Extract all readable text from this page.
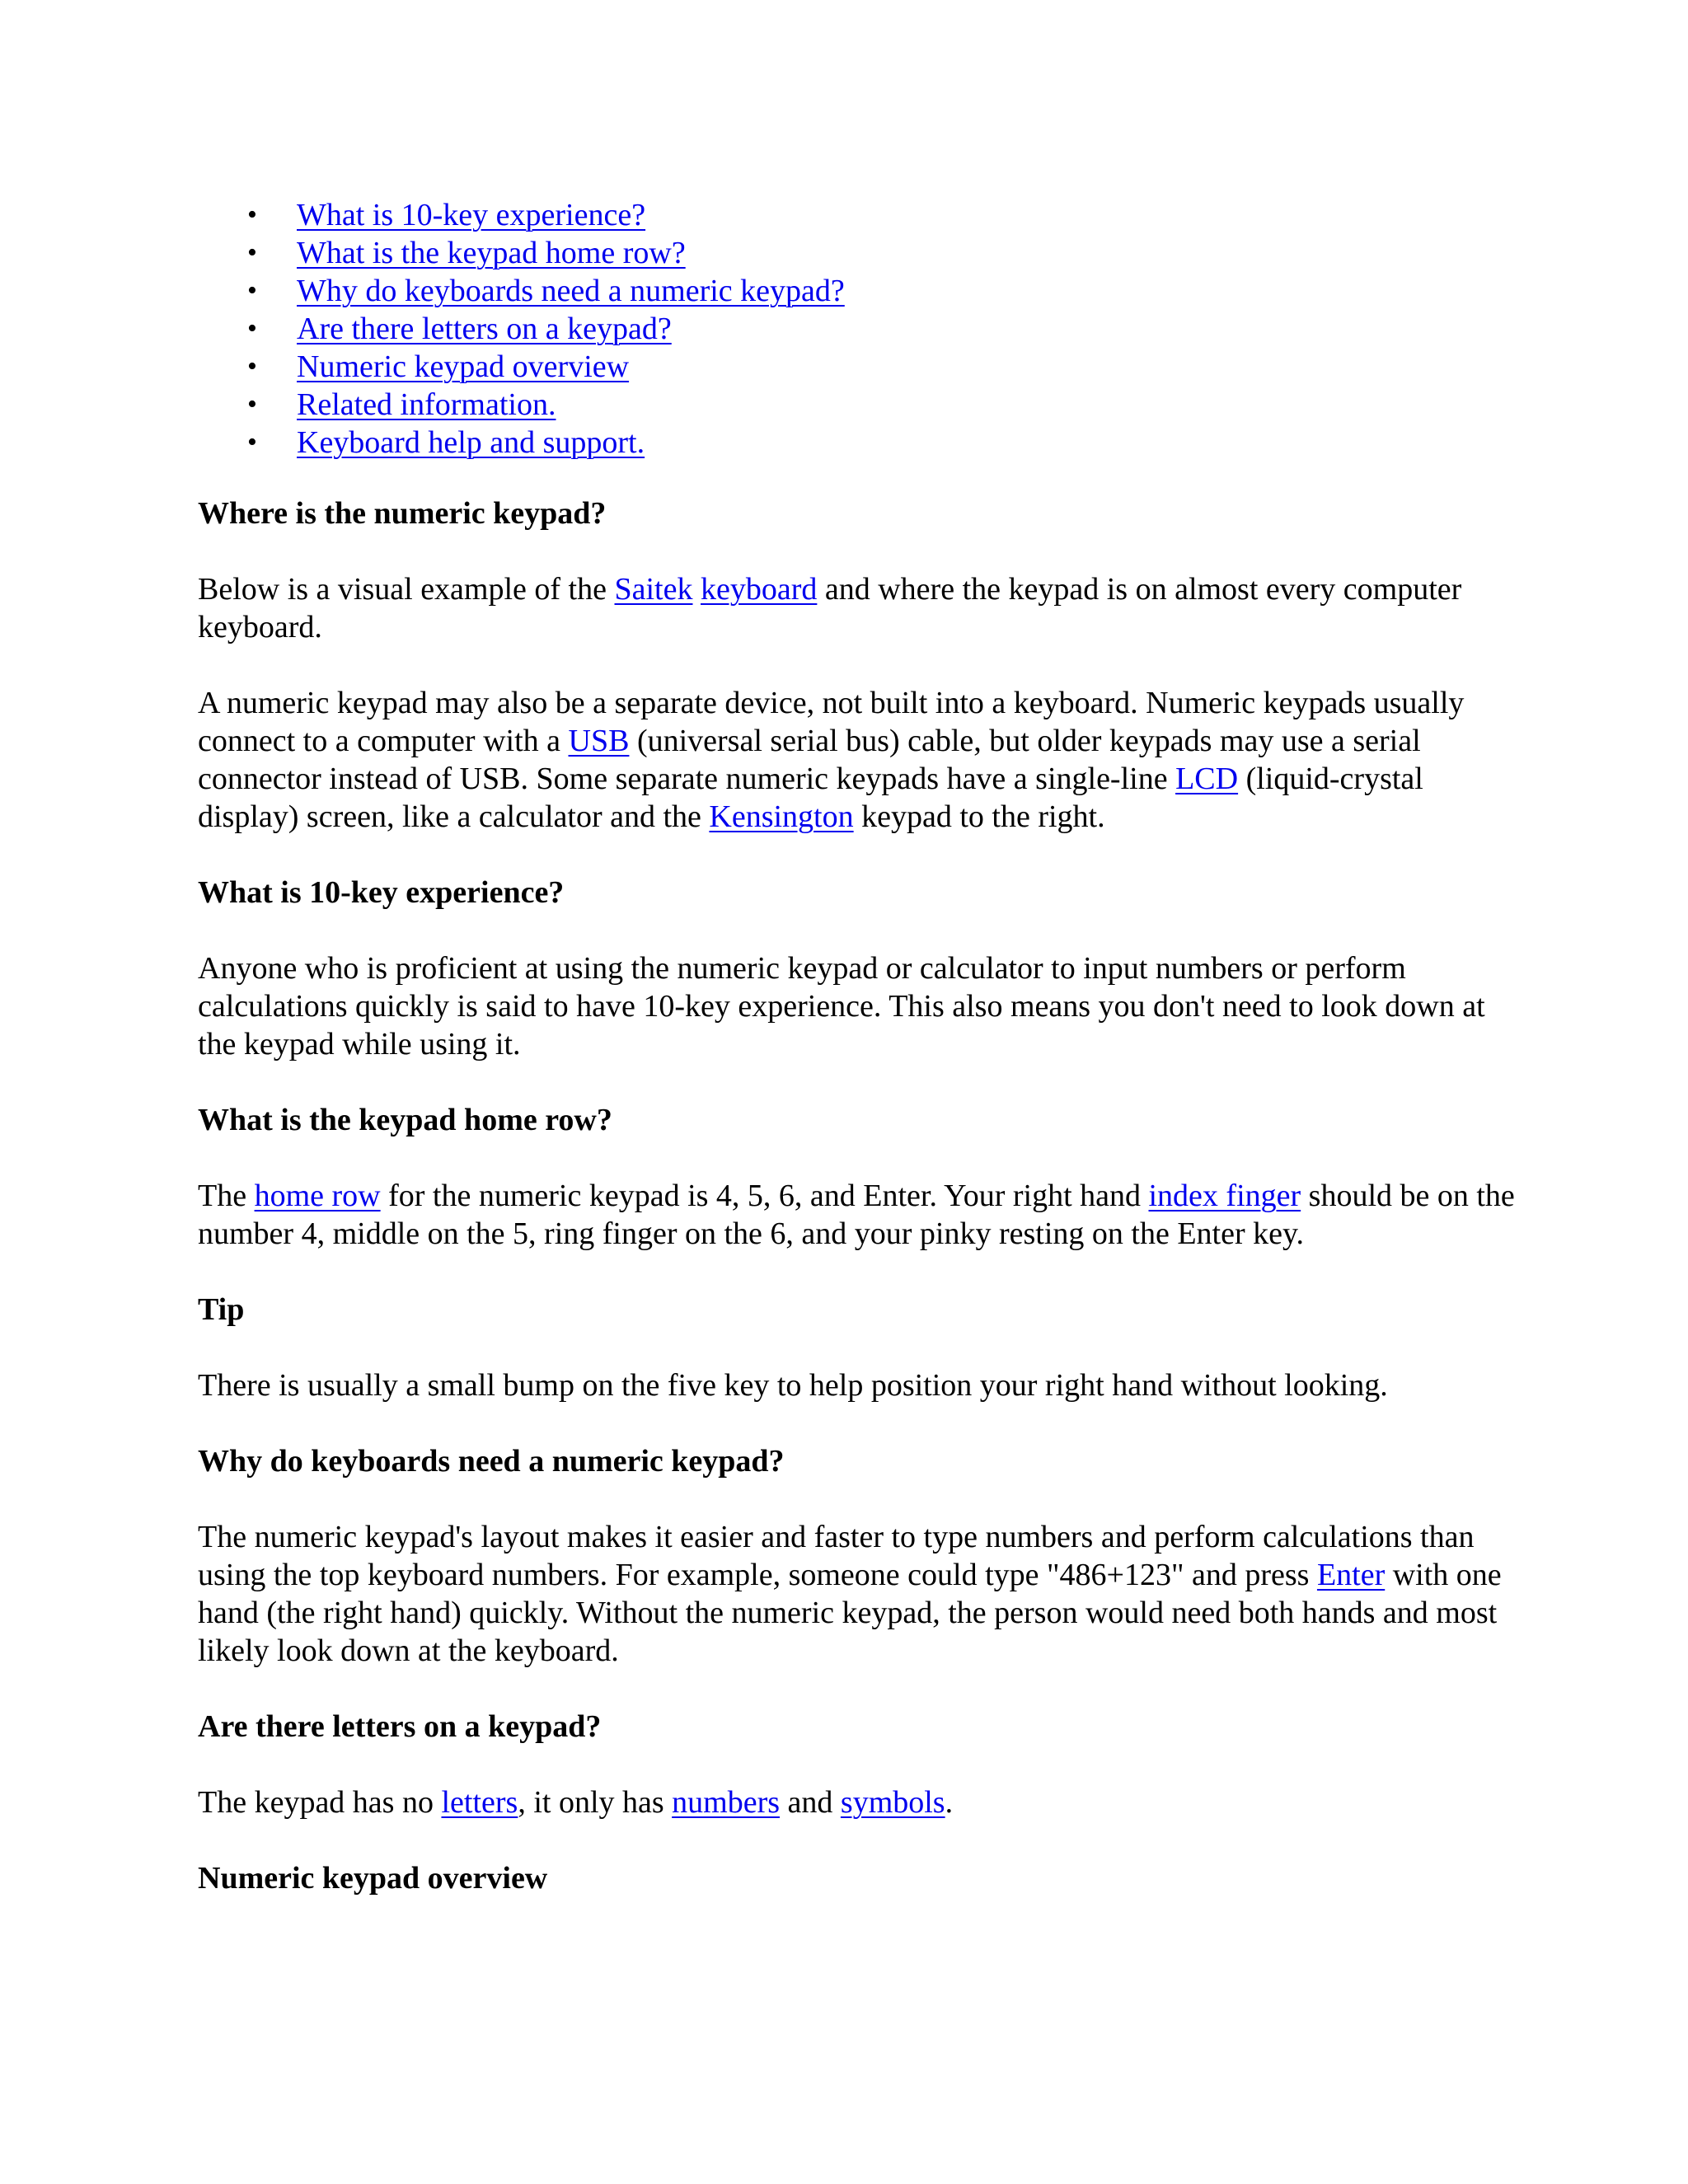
• What is 10-key experience?
• What is the keypad home row?
• Why do keyboards need a numeric keypad?
• Are there letters on a keypad?
• Numeric keypad overview
• Related information.
• Keyboard help and support.
Where is the numeric keypad?

Below is a visual example of the Saitek keyboard and where the keypad is on almost every computer keyboard.

A numeric keypad may also be a separate device, not built into a keyboard. Numeric keypads usually connect to a computer with a USB (universal serial bus) cable, but older keypads may use a serial connector instead of USB. Some separate numeric keypads have a single-line LCD (liquid-crystal display) screen, like a calculator and the Kensington keypad to the right.

What is 10-key experience?

Anyone who is proficient at using the numeric keypad or calculator to input numbers or perform calculations quickly is said to have 10-key experience. This also means you don't need to look down at the keypad while using it.

What is the keypad home row?

The home row for the numeric keypad is 4, 5, 6, and Enter. Your right hand index finger should be on the number 4, middle on the 5, ring finger on the 6, and your pinky resting on the Enter key.

Tip

There is usually a small bump on the five key to help position your right hand without looking.

Why do keyboards need a numeric keypad?

The numeric keypad's layout makes it easier and faster to type numbers and perform calculations than using the top keyboard numbers. For example, someone could type "486+123" and press Enter with one hand (the right hand) quickly. Without the numeric keypad, the person would need both hands and most likely look down at the keyboard.

Are there letters on a keypad?

The keypad has no letters, it only has numbers and symbols.

Numeric keypad overview
